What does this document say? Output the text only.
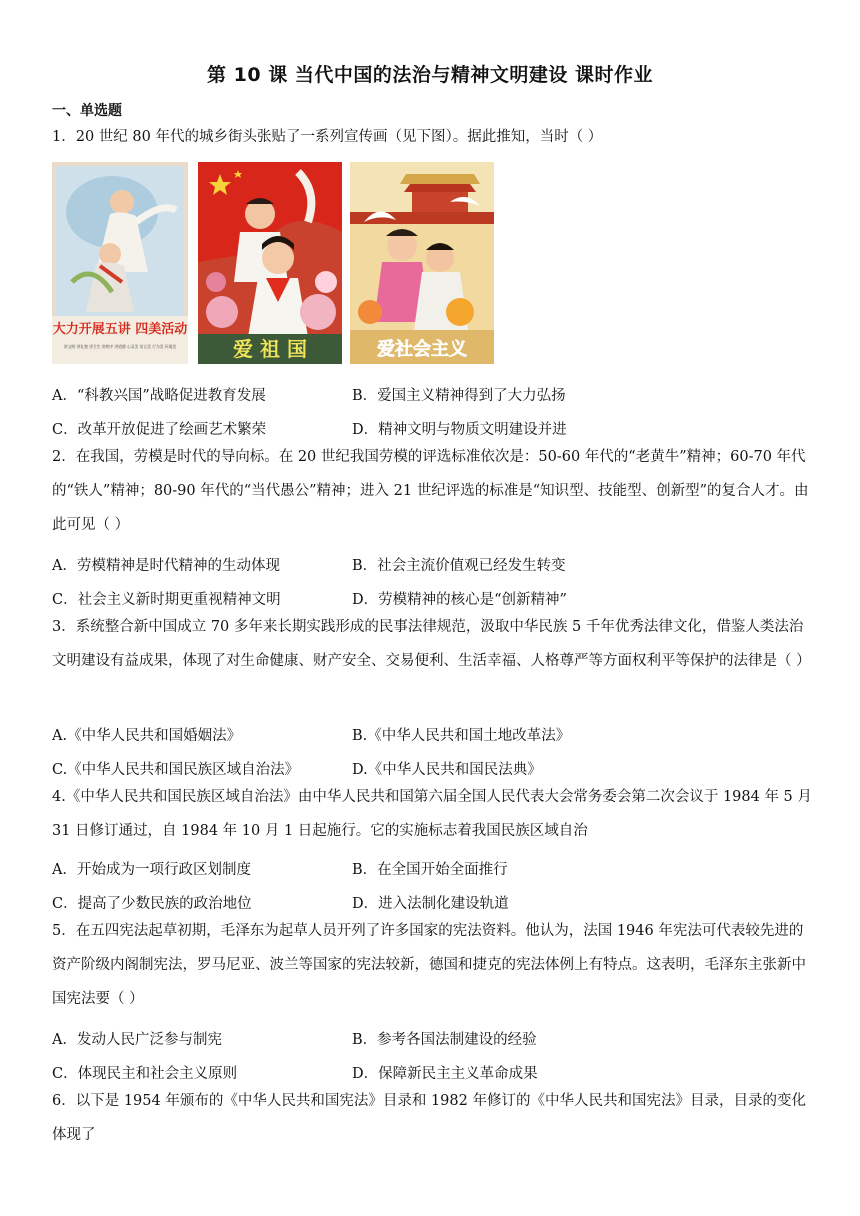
第 10 课 当代中国的法治与精神文明建设 课时作业
一、单选题
1．20 世纪 80 年代的城乡街头张贴了一系列宣传画（见下图）。据此推知，当时（ ）
大力开展五讲 四美活动
讲文明 讲礼貌 讲卫生 讲秩序 讲道德 心灵美 语言美 行为美 环境美	爱 祖 国	爱社会主义
A．“科教兴国”战略促进教育发展	B．爱国主义精神得到了大力弘扬
C．改革开放促进了绘画艺术繁荣	D．精神文明与物质文明建设并进
2．在我国，劳模是时代的导向标。在 20 世纪我国劳模的评选标准依次是：50-60 年代的“老黄牛”精神；60-70 年代的“铁人”精神；80-90 年代的“当代愚公”精神；进入 21 世纪评选的标准是“知识型、技能型、创新型”的复合人才。由此可见（ ）
A．劳模精神是时代精神的生动体现	B．社会主流价值观已经发生转变
C．社会主义新时期更重视精神文明	D．劳模精神的核心是“创新精神”
3．系统整合新中国成立 70 多年来长期实践形成的民事法律规范，汲取中华民族 5 千年优秀法律文化，借鉴人类法治文明建设有益成果，体现了对生命健康、财产安全、交易便利、生活幸福、人格尊严等方面权利平等保护的法律是（ ）
A.《中华人民共和国婚姻法》	B.《中华人民共和国土地改革法》
C.《中华人民共和国民族区域自治法》	D.《中华人民共和国民法典》
4.《中华人民共和国民族区域自治法》由中华人民共和国第六届全国人民代表大会常务委会第二次会议于 1984 年 5 月 31 日修订通过，自 1984 年 10 月 1 日起施行。它的实施标志着我国民族区域自治
A．开始成为一项行政区划制度	B．在全国开始全面推行
C．提高了少数民族的政治地位	D．进入法制化建设轨道
5．在五四宪法起草初期，毛泽东为起草人员开列了许多国家的宪法资料。他认为，法国 1946 年宪法可代表较先进的资产阶级内阁制宪法，罗马尼亚、波兰等国家的宪法较新，德国和捷克的宪法体例上有特点。这表明，毛泽东主张新中国宪法要（ ）
A．发动人民广泛参与制宪	B．参考各国法制建设的经验
C．体现民主和社会主义原则	D．保障新民主主义革命成果
6．以下是 1954 年颁布的《中华人民共和国宪法》目录和 1982 年修订的《中华人民共和国宪法》目录，目录的变化体现了
